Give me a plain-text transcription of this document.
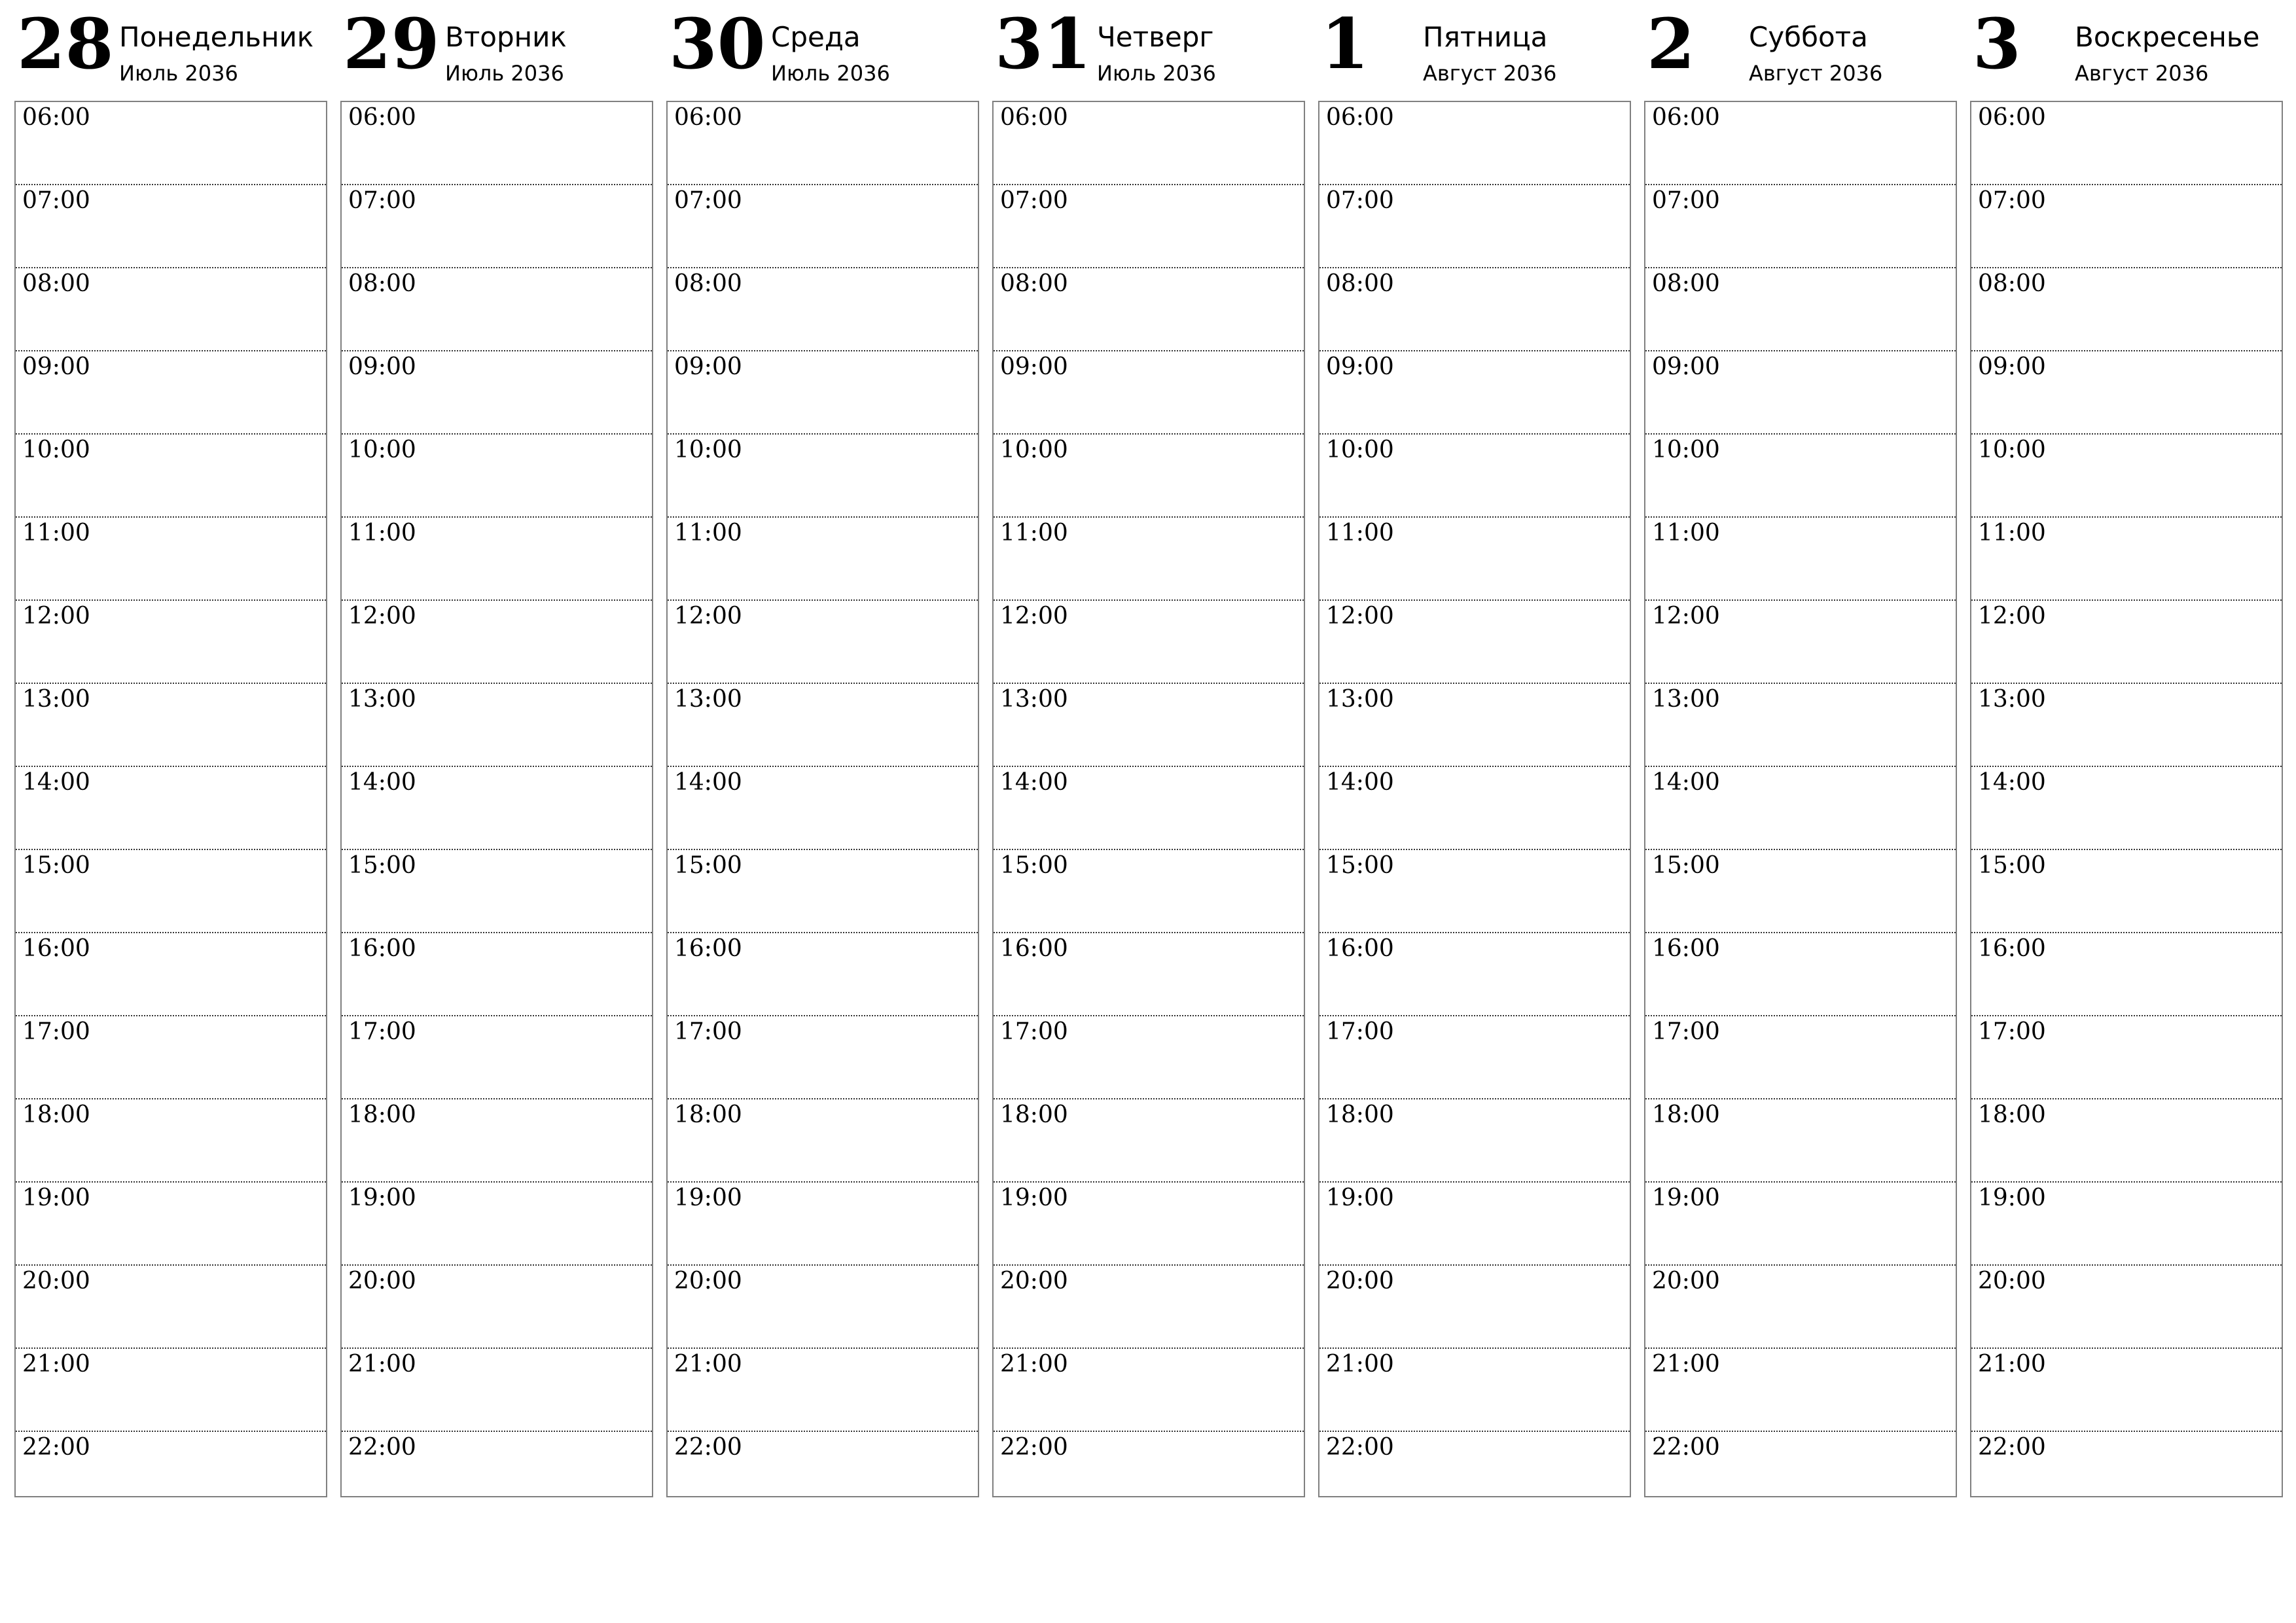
28 Понедельник
Июль 2036
06:00
07:00
08:00
09:00
10:00
11:00
12:00
13:00
14:00
15:00
16:00
17:00
18:00
19:00
20:00
21:00
22:00
29 Вторник
Июль 2036
06:00
07:00
08:00
09:00
10:00
11:00
12:00
13:00
14:00
15:00
16:00
17:00
18:00
19:00
20:00
21:00
22:00
30 Среда
Июль 2036
06:00
07:00
08:00
09:00
10:00
11:00
12:00
13:00
14:00
15:00
16:00
17:00
18:00
19:00
20:00
21:00
22:00
31 Четверг
Июль 2036
06:00
07:00
08:00
09:00
10:00
11:00
12:00
13:00
14:00
15:00
16:00
17:00
18:00
19:00
20:00
21:00
22:00
1 Пятница
Август 2036
06:00
07:00
08:00
09:00
10:00
11:00
12:00
13:00
14:00
15:00
16:00
17:00
18:00
19:00
20:00
21:00
22:00
2 Суббота
Август 2036
06:00
07:00
08:00
09:00
10:00
11:00
12:00
13:00
14:00
15:00
16:00
17:00
18:00
19:00
20:00
21:00
22:00
3 Воскресенье
Август 2036
06:00
07:00
08:00
09:00
10:00
11:00
12:00
13:00
14:00
15:00
16:00
17:00
18:00
19:00
20:00
21:00
22:00
